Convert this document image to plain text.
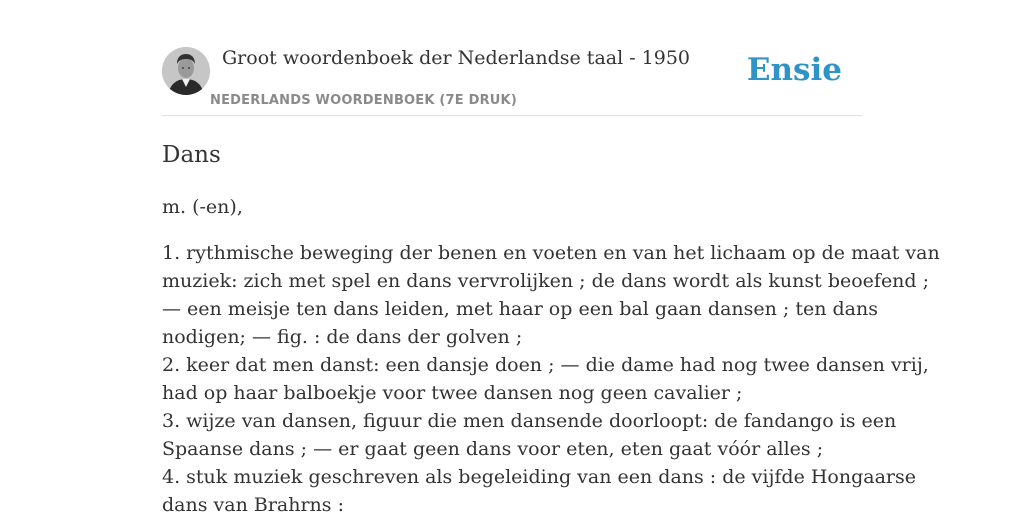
Groot woordenboek der Nederlandse taal - 1950
NEDERLANDS WOORDENBOEK (7E DRUK)
Ensie
Dans
m. (-en),
1. rythmische beweging der benen en voeten en van het lichaam op de maat van
muziek: zich met spel en dans vervrolijken ; de dans wordt als kunst beoefend ;
— een meisje ten dans leiden, met haar op een bal gaan dansen ; ten dans
nodigen; — fig. : de dans der golven ;
2. keer dat men danst: een dansje doen ; — die dame had nog twee dansen vrij,
had op haar balboekje voor twee dansen nog geen cavalier ;
3. wijze van dansen, figuur die men dansende doorloopt: de fandango is een
Spaanse dans ; — er gaat geen dans voor eten, eten gaat vóór alles ;
4. stuk muziek geschreven als begeleiding van een dans : de vijfde Hongaarse
dans van Brahrns :
